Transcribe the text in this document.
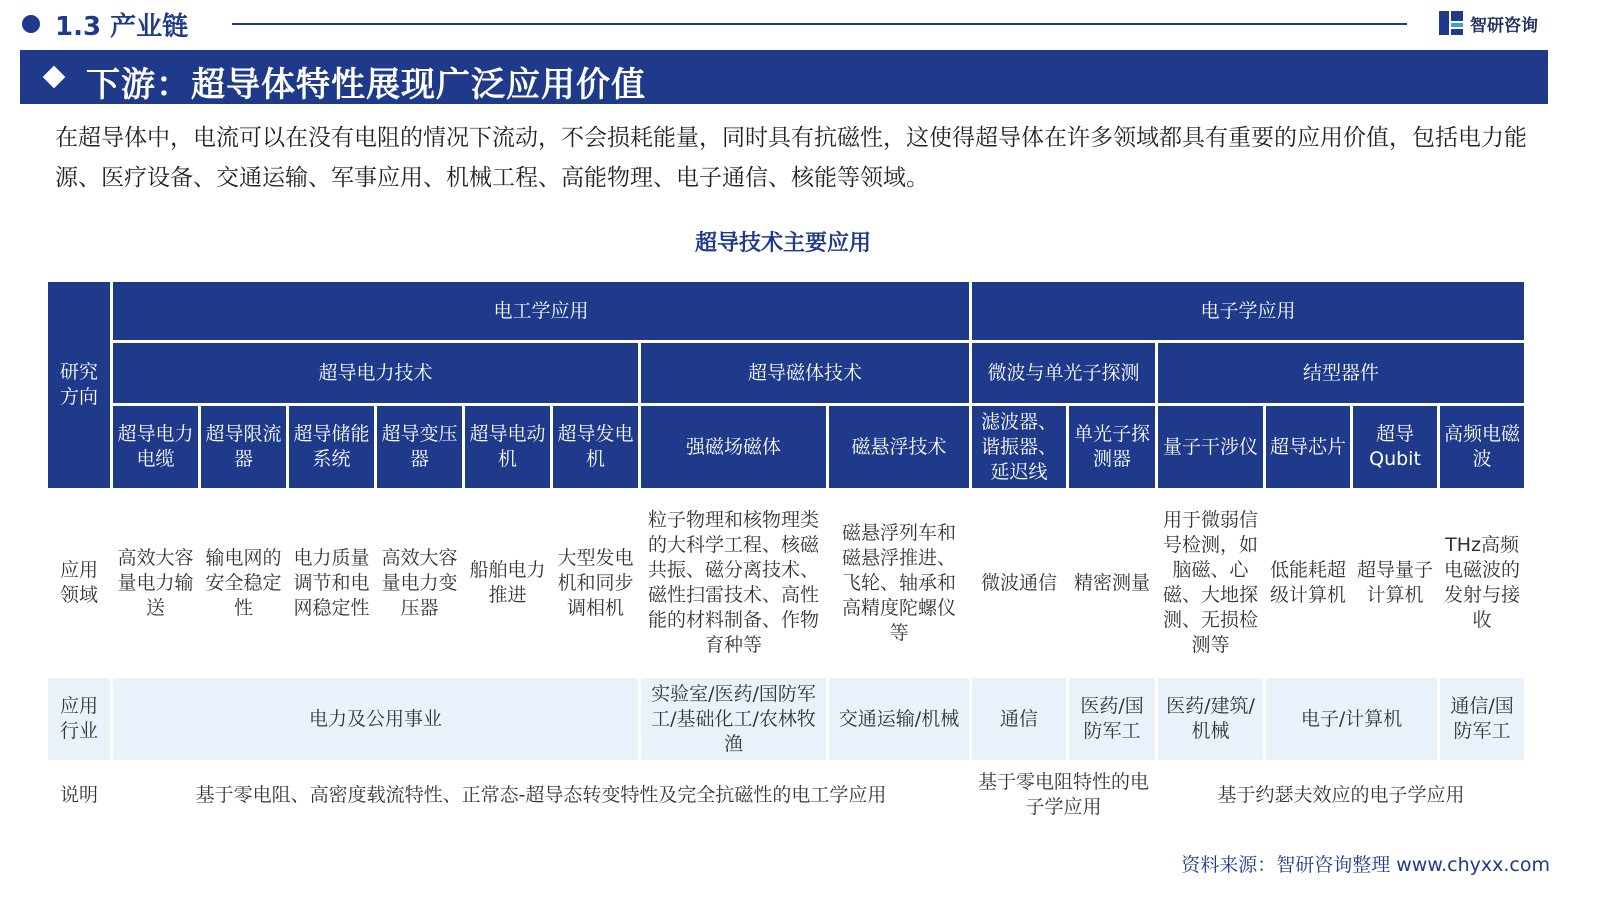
1.3 产业链	智研咨询
下游：超导体特性展现广泛应用价值
在超导体中，电流可以在没有电阻的情况下流动，不会损耗能量，同时具有抗磁性，这使得超导体在许多领域都具有重要的应用价值，包括电力能源、医疗设备、交通运输、军事应用、机械工程、高能物理、电子通信、核能等领域。
超导技术主要应用
研究方向	电工学应用								电子学应用					
	超导电力技术						超导磁体技术		微波与单光子探测		结型器件			
	超导电力电缆	超导限流器	超导储能系统	超导变压器	超导电动机	超导发电机	强磁场磁体	磁悬浮技术	滤波器、谐振器、延迟线	单光子探测器	量子干涉仪	超导芯片	超导Qubit	高频电磁波
应用领域	高效大容量电力输送	输电网的安全稳定性	电力质量调节和电网稳定性	高效大容量电力变压器	船舶电力推进	大型发电机和同步调相机	粒子物理和核物理类的大科学工程、核磁共振、磁分离技术、磁性扫雷技术、高性能的材料制备、作物育种等	磁悬浮列车和磁悬浮推进、飞轮、轴承和高精度陀螺仪等	微波通信	精密测量	用于微弱信号检测，如脑磁、心磁、大地探测、无损检测等	低能耗超级计算机	超导量子计算机	THz高频电磁波的发射与接收
应用行业	电力及公用事业						实验室/医药/国防军工/基础化工/农林牧渔	交通运输/机械	通信	医药/国防军工	医药/建筑/机械	电子/计算机		通信/国防军工
说明	基于零电阻、高密度载流特性、正常态-超导态转变特性及完全抗磁性的电工学应用								基于零电阻特性的电子学应用		基于约瑟夫效应的电子学应用			
资料来源：智研咨询整理 www.chyxx.com
